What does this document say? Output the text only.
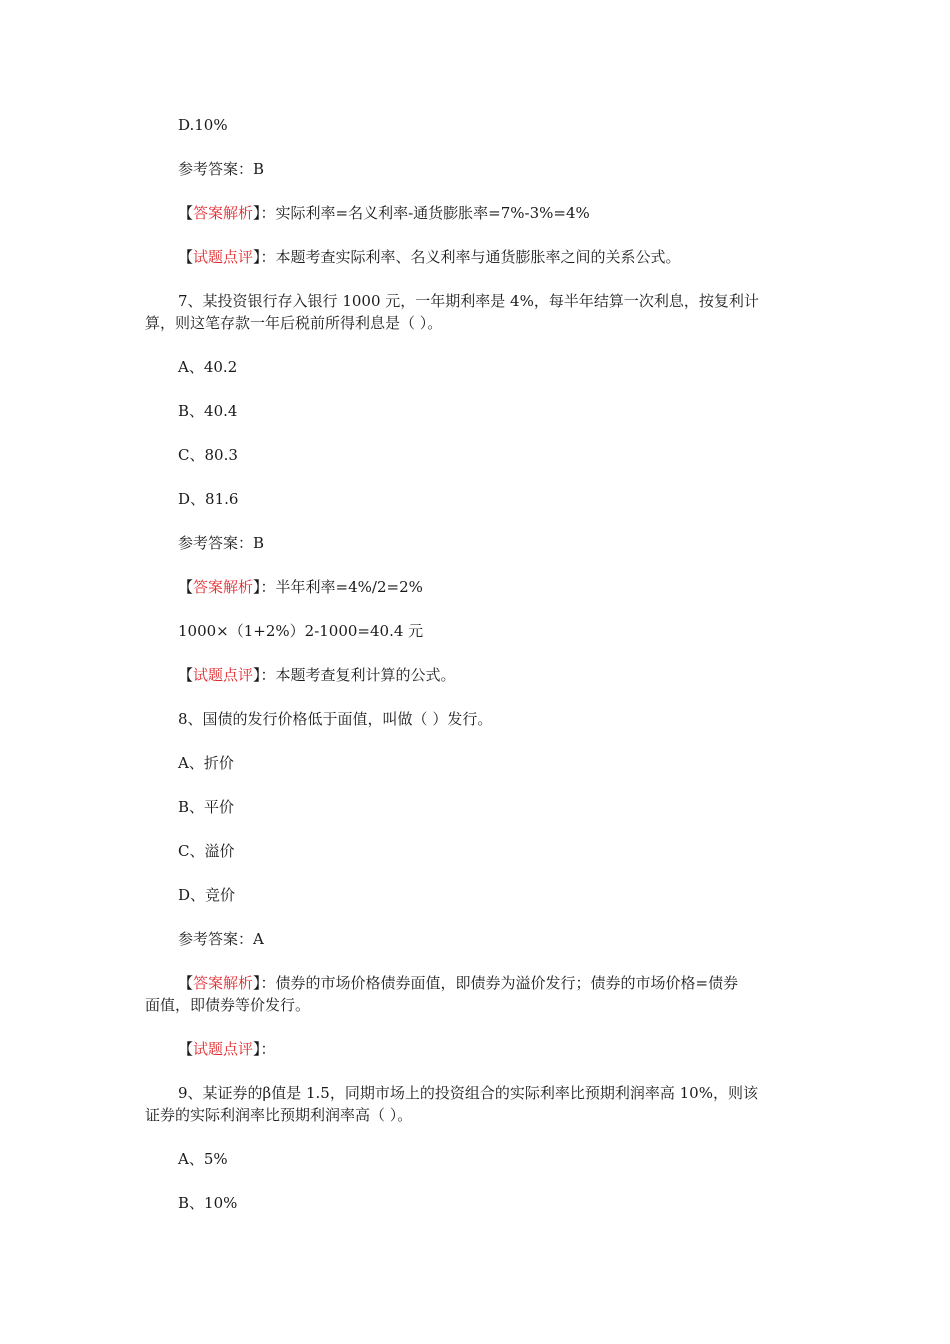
D.10%

参考答案：B

【答案解析】：实际利率=名义利率-通货膨胀率=7%-3%=4%

【试题点评】：本题考查实际利率、名义利率与通货膨胀率之间的关系公式。

7、某投资银行存入银行 1000 元，一年期利率是 4%，每半年结算一次利息，按复利计

算，则这笔存款一年后税前所得利息是（ ）。

A、40.2

B、40.4

C、80.3

D、81.6

参考答案：B

【答案解析】：半年利率=4%/2=2%

1000×（1+2%）2-1000=40.4 元

【试题点评】：本题考查复利计算的公式。

8、国债的发行价格低于面值，叫做（ ）发行。

A、折价

B、平价

C、溢价

D、竞价

参考答案：A

【答案解析】：债券的市场价格债券面值，即债券为溢价发行；债券的市场价格=债券

面值，即债券等价发行。

【试题点评】：

9、某证券的β值是 1.5，同期市场上的投资组合的实际利率比预期利润率高 10%，则该

证券的实际利润率比预期利润率高（ ）。

A、5%

B、10%
